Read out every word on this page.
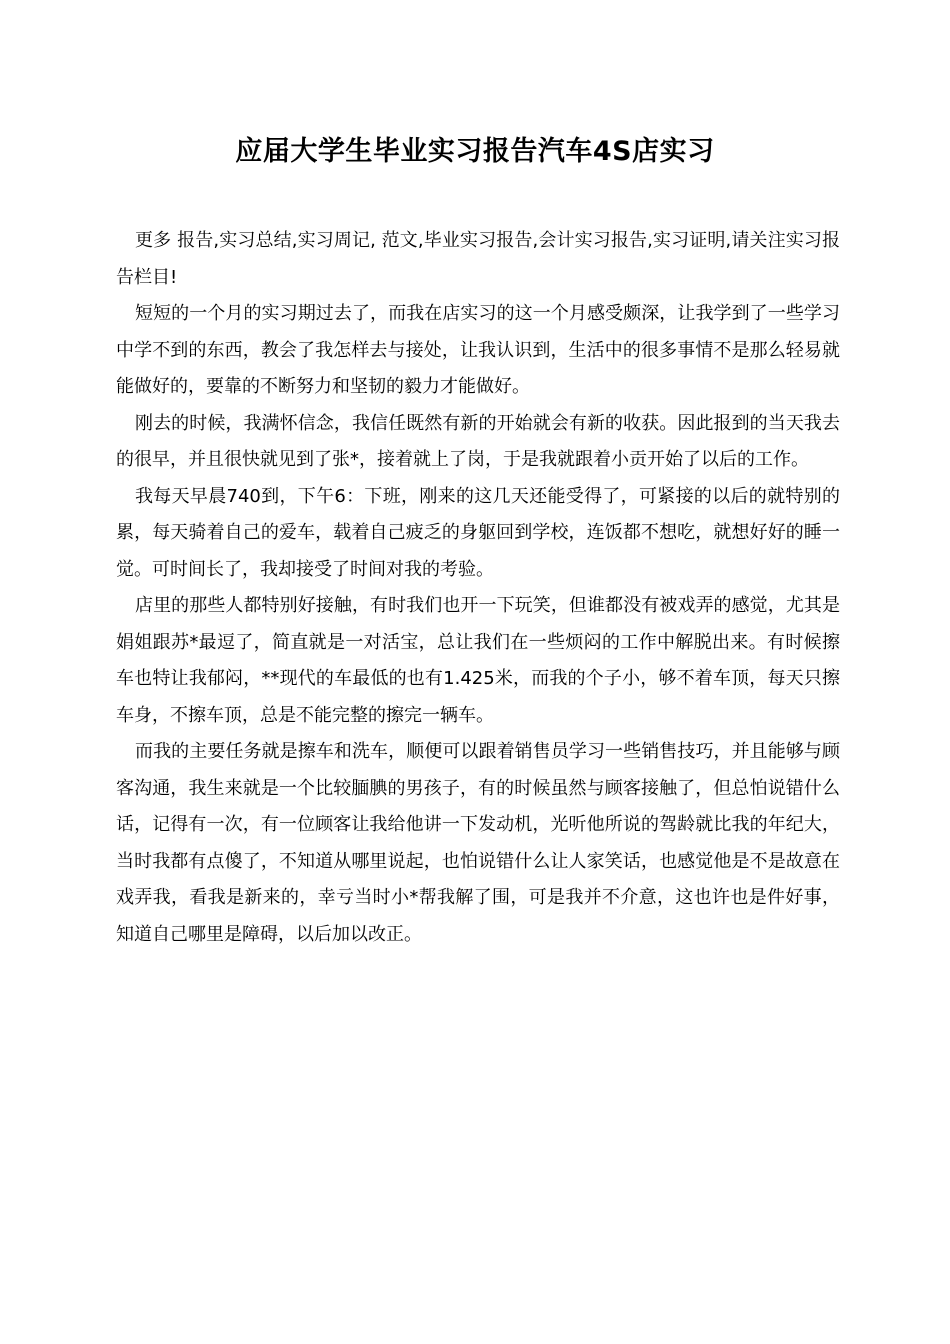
应届大学生毕业实习报告汽车4S店实习

更多 报告,实习总结,实习周记, 范文,毕业实习报告,会计实习报告,实习证明,请关注实习报告栏目!

短短的一个月的实习期过去了，而我在店实习的这一个月感受颇深，让我学到了一些学习中学不到的东西，教会了我怎样去与接处，让我认识到，生活中的很多事情不是那么轻易就能做好的，要靠的不断努力和坚韧的毅力才能做好。

刚去的时候，我满怀信念，我信任既然有新的开始就会有新的收获。因此报到的当天我去的很早，并且很快就见到了张*，接着就上了岗，于是我就跟着小贡开始了以后的工作。

我每天早晨740到，下午6：下班，刚来的这几天还能受得了，可紧接的以后的就特别的累，每天骑着自己的爱车，载着自己疲乏的身躯回到学校，连饭都不想吃，就想好好的睡一觉。可时间长了，我却接受了时间对我的考验。

店里的那些人都特别好接触，有时我们也开一下玩笑，但谁都没有被戏弄的感觉，尤其是娟姐跟苏*最逗了，简直就是一对活宝，总让我们在一些烦闷的工作中解脱出来。有时候擦车也特让我郁闷，**现代的车最低的也有1.425米，而我的个子小，够不着车顶，每天只擦车身，不擦车顶，总是不能完整的擦完一辆车。

而我的主要任务就是擦车和洗车，顺便可以跟着销售员学习一些销售技巧，并且能够与顾客沟通，我生来就是一个比较腼腆的男孩子，有的时候虽然与顾客接触了，但总怕说错什么话，记得有一次，有一位顾客让我给他讲一下发动机，光听他所说的驾龄就比我的年纪大，当时我都有点傻了，不知道从哪里说起，也怕说错什么让人家笑话，也感觉他是不是故意在戏弄我，看我是新来的，幸亏当时小*帮我解了围，可是我并不介意，这也许也是件好事，知道自己哪里是障碍，以后加以改正。
